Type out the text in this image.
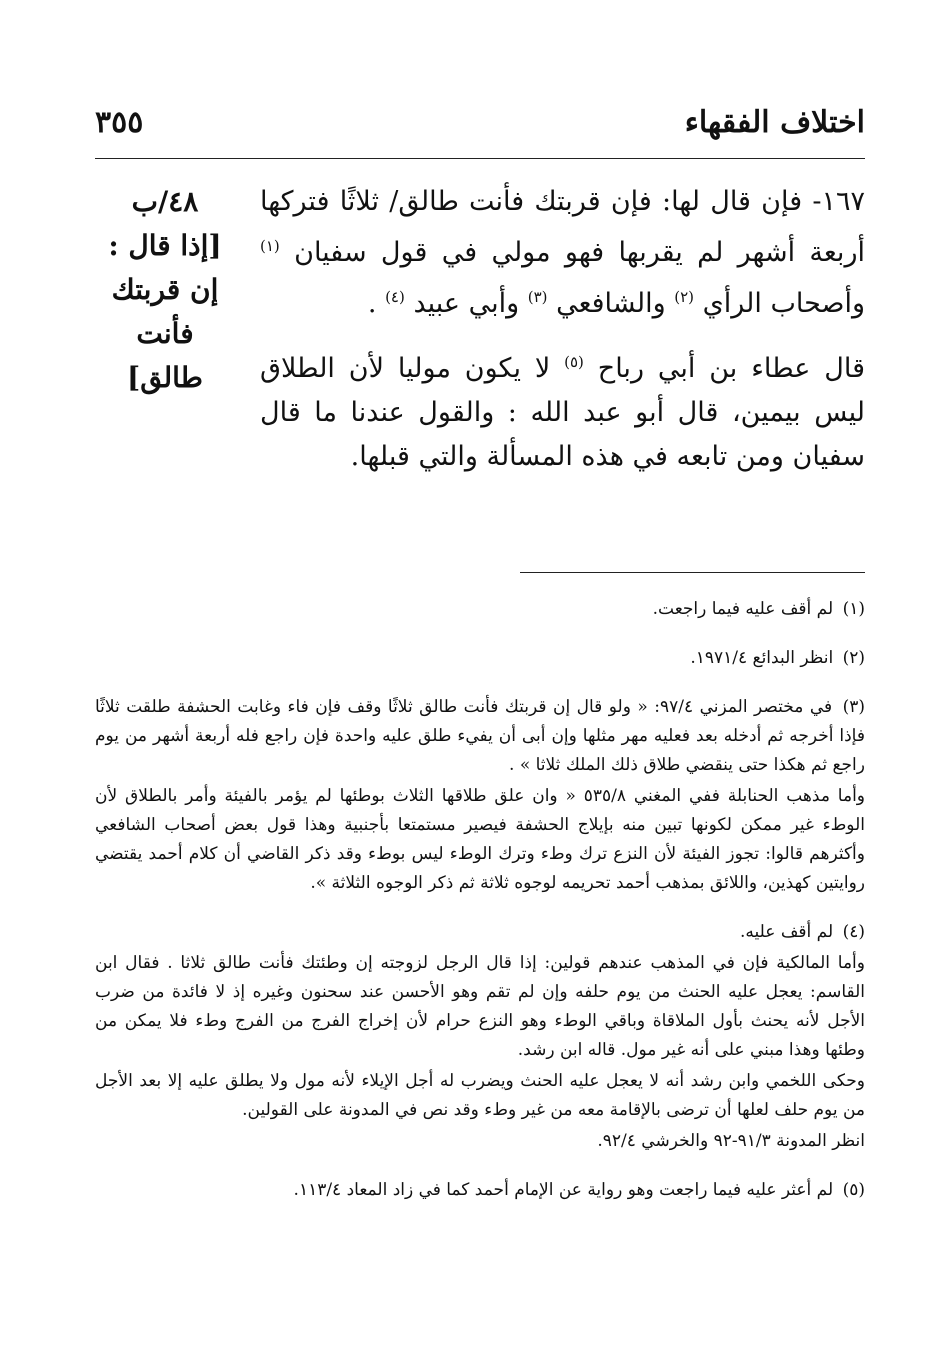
اختلاف الفقهاء
٣٥٥
٤٨/ب
[إذا قال : إن قربتك فأنت طالق]

١٦٧- فإن قال لها: فإن قربتك فأنت طالق/ ثلاثًا فتركها أربعة أشهر لم يقربها فهو مولي في قول سفيان $^{(١)}$ وأصحاب الرأي $^{(٢)}$ والشافعي $^{(٣)}$ وأبي عبيد $^{(٤)}$ .

قال عطاء بن أبي رباح $^{(٥)}$ لا يكون موليا لأن الطلاق ليس بيمين، قال أبو عبد الله : والقول عندنا ما قال سفيان ومن تابعه في هذه المسألة والتي قبلها.

(١) لم أقف عليه فيما راجعت.

(٢) انظر البدائع ١٩٧١/٤.

(٣) في مختصر المزني ٩٧/٤: « ولو قال إن قربتك فأنت طالق ثلاثًا وقف فإن فاء وغابت الحشفة طلقت ثلاثًا فإذا أخرجه ثم أدخله بعد فعليه مهر مثلها وإن أبى أن يفيء طلق عليه واحدة فإن راجع فله أربعة أشهر من يوم راجع ثم هكذا حتى ينقضي طلاق ذلك الملك ثلاثا » .

وأما مذهب الحنابلة ففي المغني ٥٣٥/٨ « وان علق طلاقها الثلاث بوطئها لم يؤمر بالفيئة وأمر بالطلاق لأن الوطء غير ممكن لكونها تبين منه بإيلاج الحشفة فيصير مستمتعا بأجنبية وهذا قول بعض أصحاب الشافعي وأكثرهم قالوا: تجوز الفيئة لأن النزع ترك وطء وترك الوطء ليس بوطء وقد ذكر القاضي أن كلام أحمد يقتضي روايتين كهذين، واللائق بمذهب أحمد تحريمه لوجوه ثلاثة ثم ذكر الوجوه الثلاثة ».

(٤) لم أقف عليه.

وأما المالكية فإن في المذهب عندهم قولين: إذا قال الرجل لزوجته إن وطئتك فأنت طالق ثلاثا . فقال ابن القاسم: يعجل عليه الحنث من يوم حلفه وإن لم تقم وهو الأحسن عند سحنون وغيره إذ لا فائدة من ضرب الأجل لأنه يحنث بأول الملاقاة وباقي الوطء وهو النزع حرام لأن إخراج الفرج من الفرج وطء فلا يمكن من وطئها وهذا مبني على أنه غير مول. قاله ابن رشد.

وحكى اللخمي وابن رشد أنه لا يعجل عليه الحنث ويضرب له أجل الإيلاء لأنه مول ولا يطلق عليه إلا بعد الأجل من يوم حلف لعلها أن ترضى بالإقامة معه من غير وطء وقد نص في المدونة على القولين.

انظر المدونة ٩١/٣-٩٢ والخرشي ٩٢/٤.

(٥) لم أعثر عليه فيما راجعت وهو رواية عن الإمام أحمد كما في زاد المعاد ١١٣/٤.
